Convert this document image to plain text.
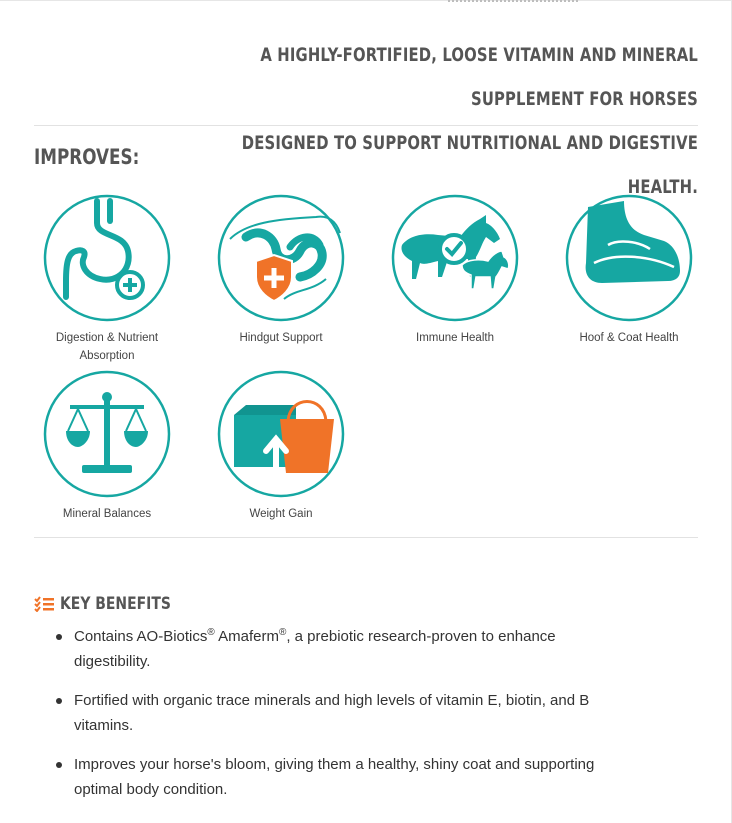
A HIGHLY-FORTIFIED, LOOSE VITAMIN AND MINERAL SUPPLEMENT FOR HORSES
DESIGNED TO SUPPORT NUTRITIONAL AND DIGESTIVE HEALTH.
IMPROVES:
Digestion & Nutrient Absorption
Hindgut Support	Immune Health	Hoof & Coat Health
Mineral Balances	Weight Gain
KEY BENEFITS
Contains AO-Biotics® Amaferm®, a prebiotic research-proven to enhance digestibility.
Fortified with organic trace minerals and high levels of vitamin E, biotin, and B vitamins.
Improves your horse's bloom, giving them a healthy, shiny coat and supporting optimal body condition.
